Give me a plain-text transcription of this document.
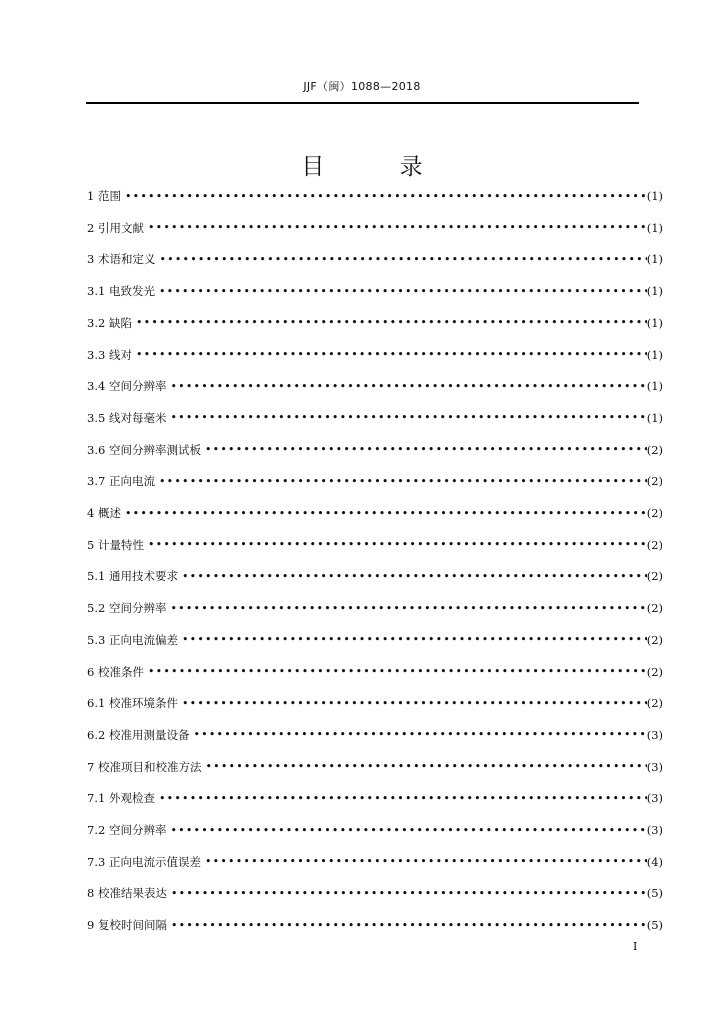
JJF（闽）1088—2018
目 录
1 范围 •••••	(1)
2 引用文献 •••••	(1)
3 术语和定义 •••••	(1)
3.1 电致发光 •••••	(1)
3.2 缺陷 •••••	(1)
3.3 线对 •••••	(1)
3.4 空间分辨率 •••••	(1)
3.5 线对每毫米 •••••	(1)
3.6 空间分辨率测试板 •••••	(2)
3.7 正向电流 •••••	(2)
4 概述 •••••	(2)
5 计量特性 •••••	(2)
5.1 通用技术要求 •••••	(2)
5.2 空间分辨率 •••••	(2)
5.3 正向电流偏差 •••••	(2)
6 校准条件 •••••	(2)
6.1 校准环境条件 •••••	(2)
6.2 校准用测量设备 •••••	(3)
7 校准项目和校准方法 •••••	(3)
7.1 外观检查 •••••	(3)
7.2 空间分辨率 •••••	(3)
7.3 正向电流示值误差 •••••	(4)
8 校准结果表达 •••••	(5)
9 复校时间间隔 •••••	(5)
I
